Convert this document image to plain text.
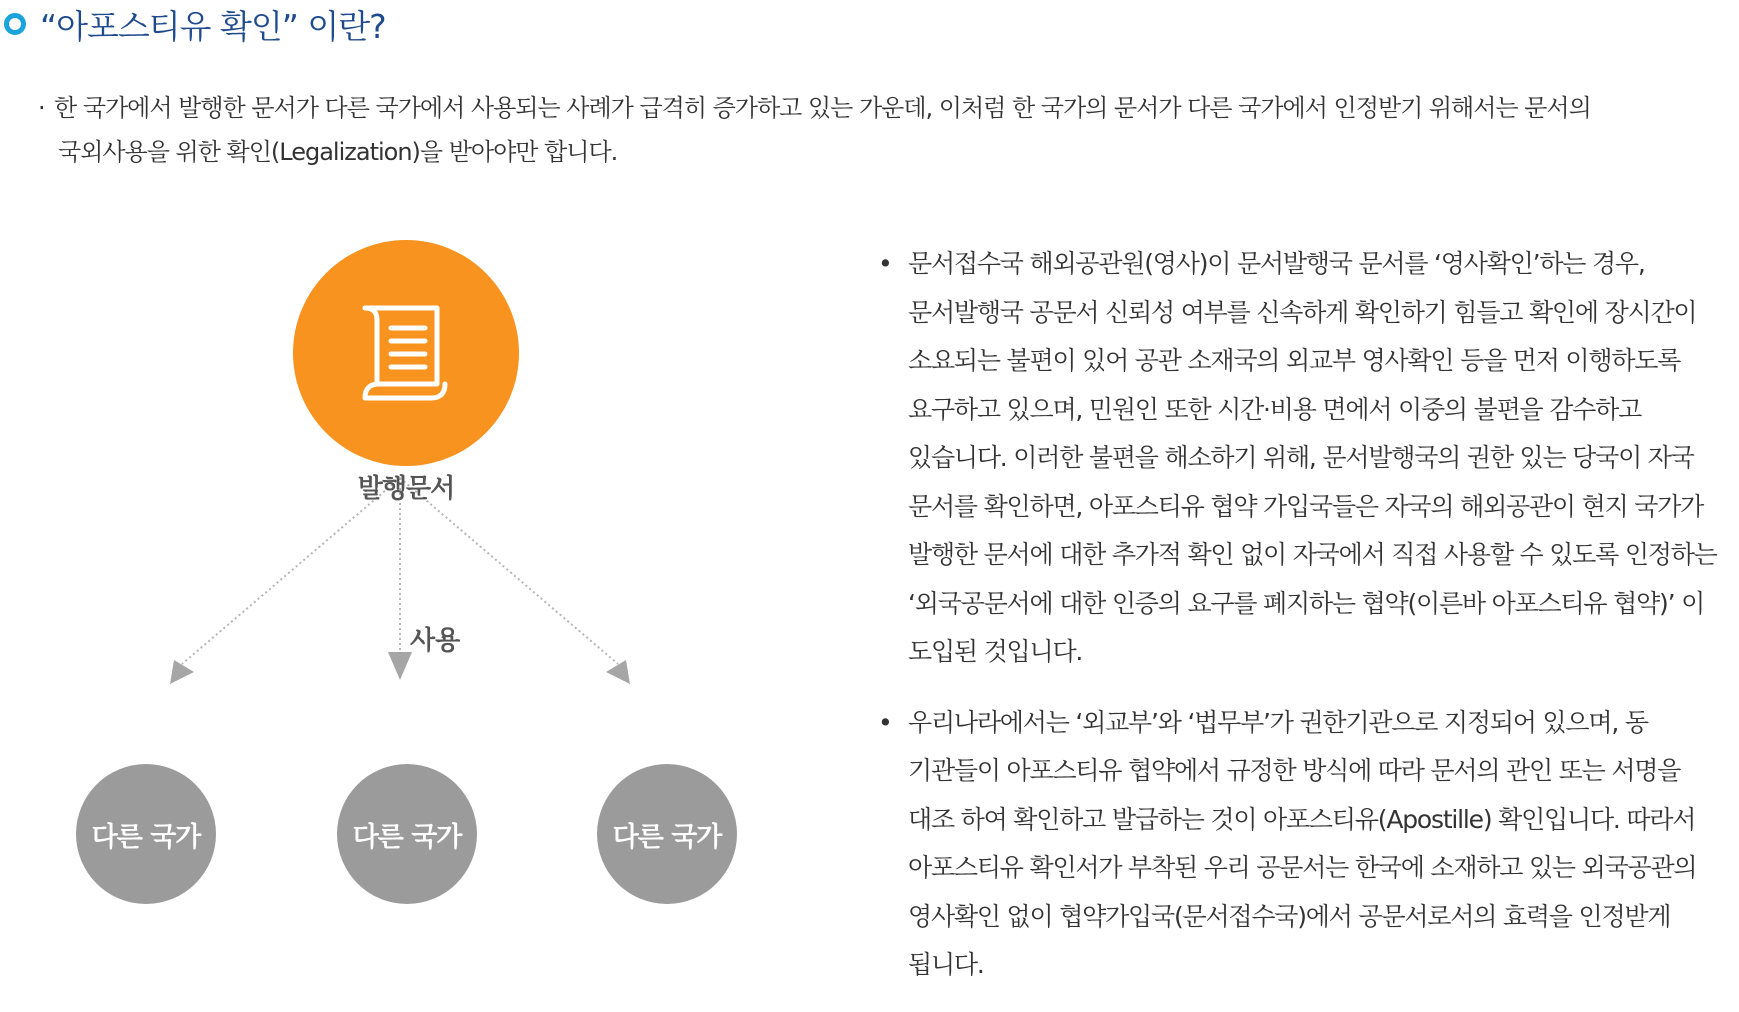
“아포스티유 확인” 이란?
· 한 국가에서 발행한 문서가 다른 국가에서 사용되는 사례가 급격히 증가하고 있는 가운데, 이처럼 한 국가의 문서가 다른 국가에서 인정받기 위해서는 문서의
국외사용을 위한 확인(Legalization)을 받아야만 합니다.
발행문서
사용
다른 국가	다른 국가	다른 국가
• 문서접수국 해외공관원(영사)이 문서발행국 문서를 ‘영사확인’하는 경우,
문서발행국 공문서 신뢰성 여부를 신속하게 확인하기 힘들고 확인에 장시간이
소요되는 불편이 있어 공관 소재국의 외교부 영사확인 등을 먼저 이행하도록
요구하고 있으며, 민원인 또한 시간·비용 면에서 이중의 불편을 감수하고
있습니다. 이러한 불편을 해소하기 위해, 문서발행국의 권한 있는 당국이 자국
문서를 확인하면, 아포스티유 협약 가입국들은 자국의 해외공관이 현지 국가가
발행한 문서에 대한 추가적 확인 없이 자국에서 직접 사용할 수 있도록 인정하는
‘외국공문서에 대한 인증의 요구를 폐지하는 협약(이른바 아포스티유 협약)’ 이
도입된 것입니다.
• 우리나라에서는 ‘외교부’와 ‘법무부’가 권한기관으로 지정되어 있으며, 동
기관들이 아포스티유 협약에서 규정한 방식에 따라 문서의 관인 또는 서명을
대조 하여 확인하고 발급하는 것이 아포스티유(Apostille) 확인입니다. 따라서
아포스티유 확인서가 부착된 우리 공문서는 한국에 소재하고 있는 외국공관의
영사확인 없이 협약가입국(문서접수국)에서 공문서로서의 효력을 인정받게
됩니다.
